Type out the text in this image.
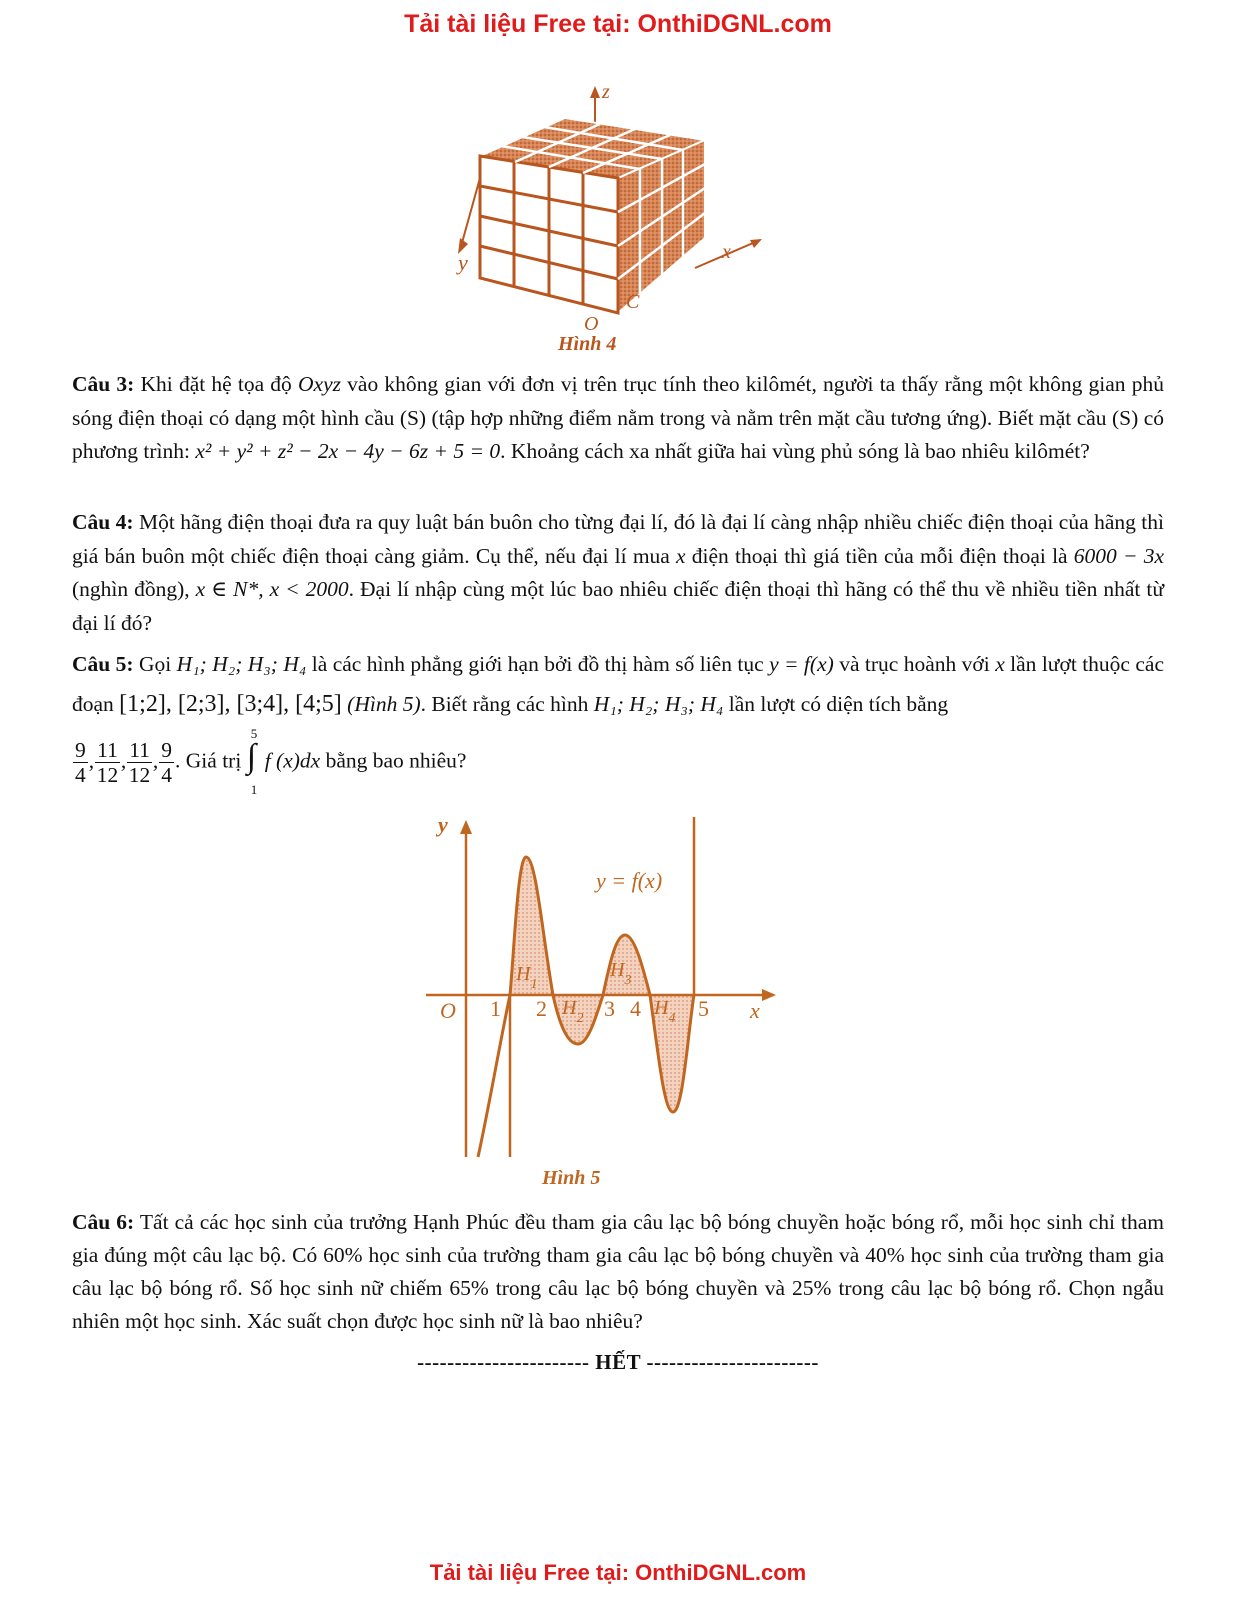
Tải tài liệu Free tại: OnthiDGNL.com
z
y	x
C
O
Hình 4
Câu 3: Khi đặt hệ tọa độ Oxyz vào không gian với đơn vị trên trục tính theo kilômét, người ta thấy rằng một không gian phủ sóng điện thoại có dạng một hình cầu (S) (tập hợp những điểm nằm trong và nằm trên mặt cầu tương ứng). Biết mặt cầu (S) có phương trình: x² + y² + z² − 2x − 4y − 6z + 5 = 0. Khoảng cách xa nhất giữa hai vùng phủ sóng là bao nhiêu kilômét?
Câu 4: Một hãng điện thoại đưa ra quy luật bán buôn cho từng đại lí, đó là đại lí càng nhập nhiều chiếc điện thoại của hãng thì giá bán buôn một chiếc điện thoại càng giảm. Cụ thể, nếu đại lí mua x điện thoại thì giá tiền của mỗi điện thoại là 6000 − 3x (nghìn đồng), x ∈ N*, x < 2000. Đại lí nhập cùng một lúc bao nhiêu chiếc điện thoại thì hãng có thể thu về nhiều tiền nhất từ đại lí đó?
Câu 5: Gọi H₁; H₂; H₃; H₄ là các hình phẳng giới hạn bởi đồ thị hàm số liên tục y = f(x) và trục hoành với x lần lượt thuộc các đoạn [1;2], [2;3], [3;4], [4;5] (Hình 5). Biết rằng các hình H₁; H₂; H₃; H₄ lần lượt có diện tích bằng
$\frac{9}{4}$ , $\frac{11}{12}$ , $\frac{11}{12}$ , $\frac{9}{4}$ . Giá trị ∫
5
1
f (x)dx bằng bao nhiêu?
y
x
O 1 2	3 4	5
y = f(x)
$H_1$
$H_2$
$H_3$
$H_4$
Hình 5
Câu 6: Tất cả các học sinh của trưởng Hạnh Phúc đều tham gia câu lạc bộ bóng chuyền hoặc bóng rổ, mỗi học sinh chỉ tham gia đúng một câu lạc bộ. Có 60% học sinh của trường tham gia câu lạc bộ bóng chuyền và 40% học sinh của trường tham gia câu lạc bộ bóng rổ. Số học sinh nữ chiếm 65% trong câu lạc bộ bóng chuyền và 25% trong câu lạc bộ bóng rổ. Chọn ngẫu nhiên một học sinh. Xác suất chọn được học sinh nữ là bao nhiêu?
----------------------- HẾT -----------------------
Tải tài liệu Free tại: OnthiDGNL.com
